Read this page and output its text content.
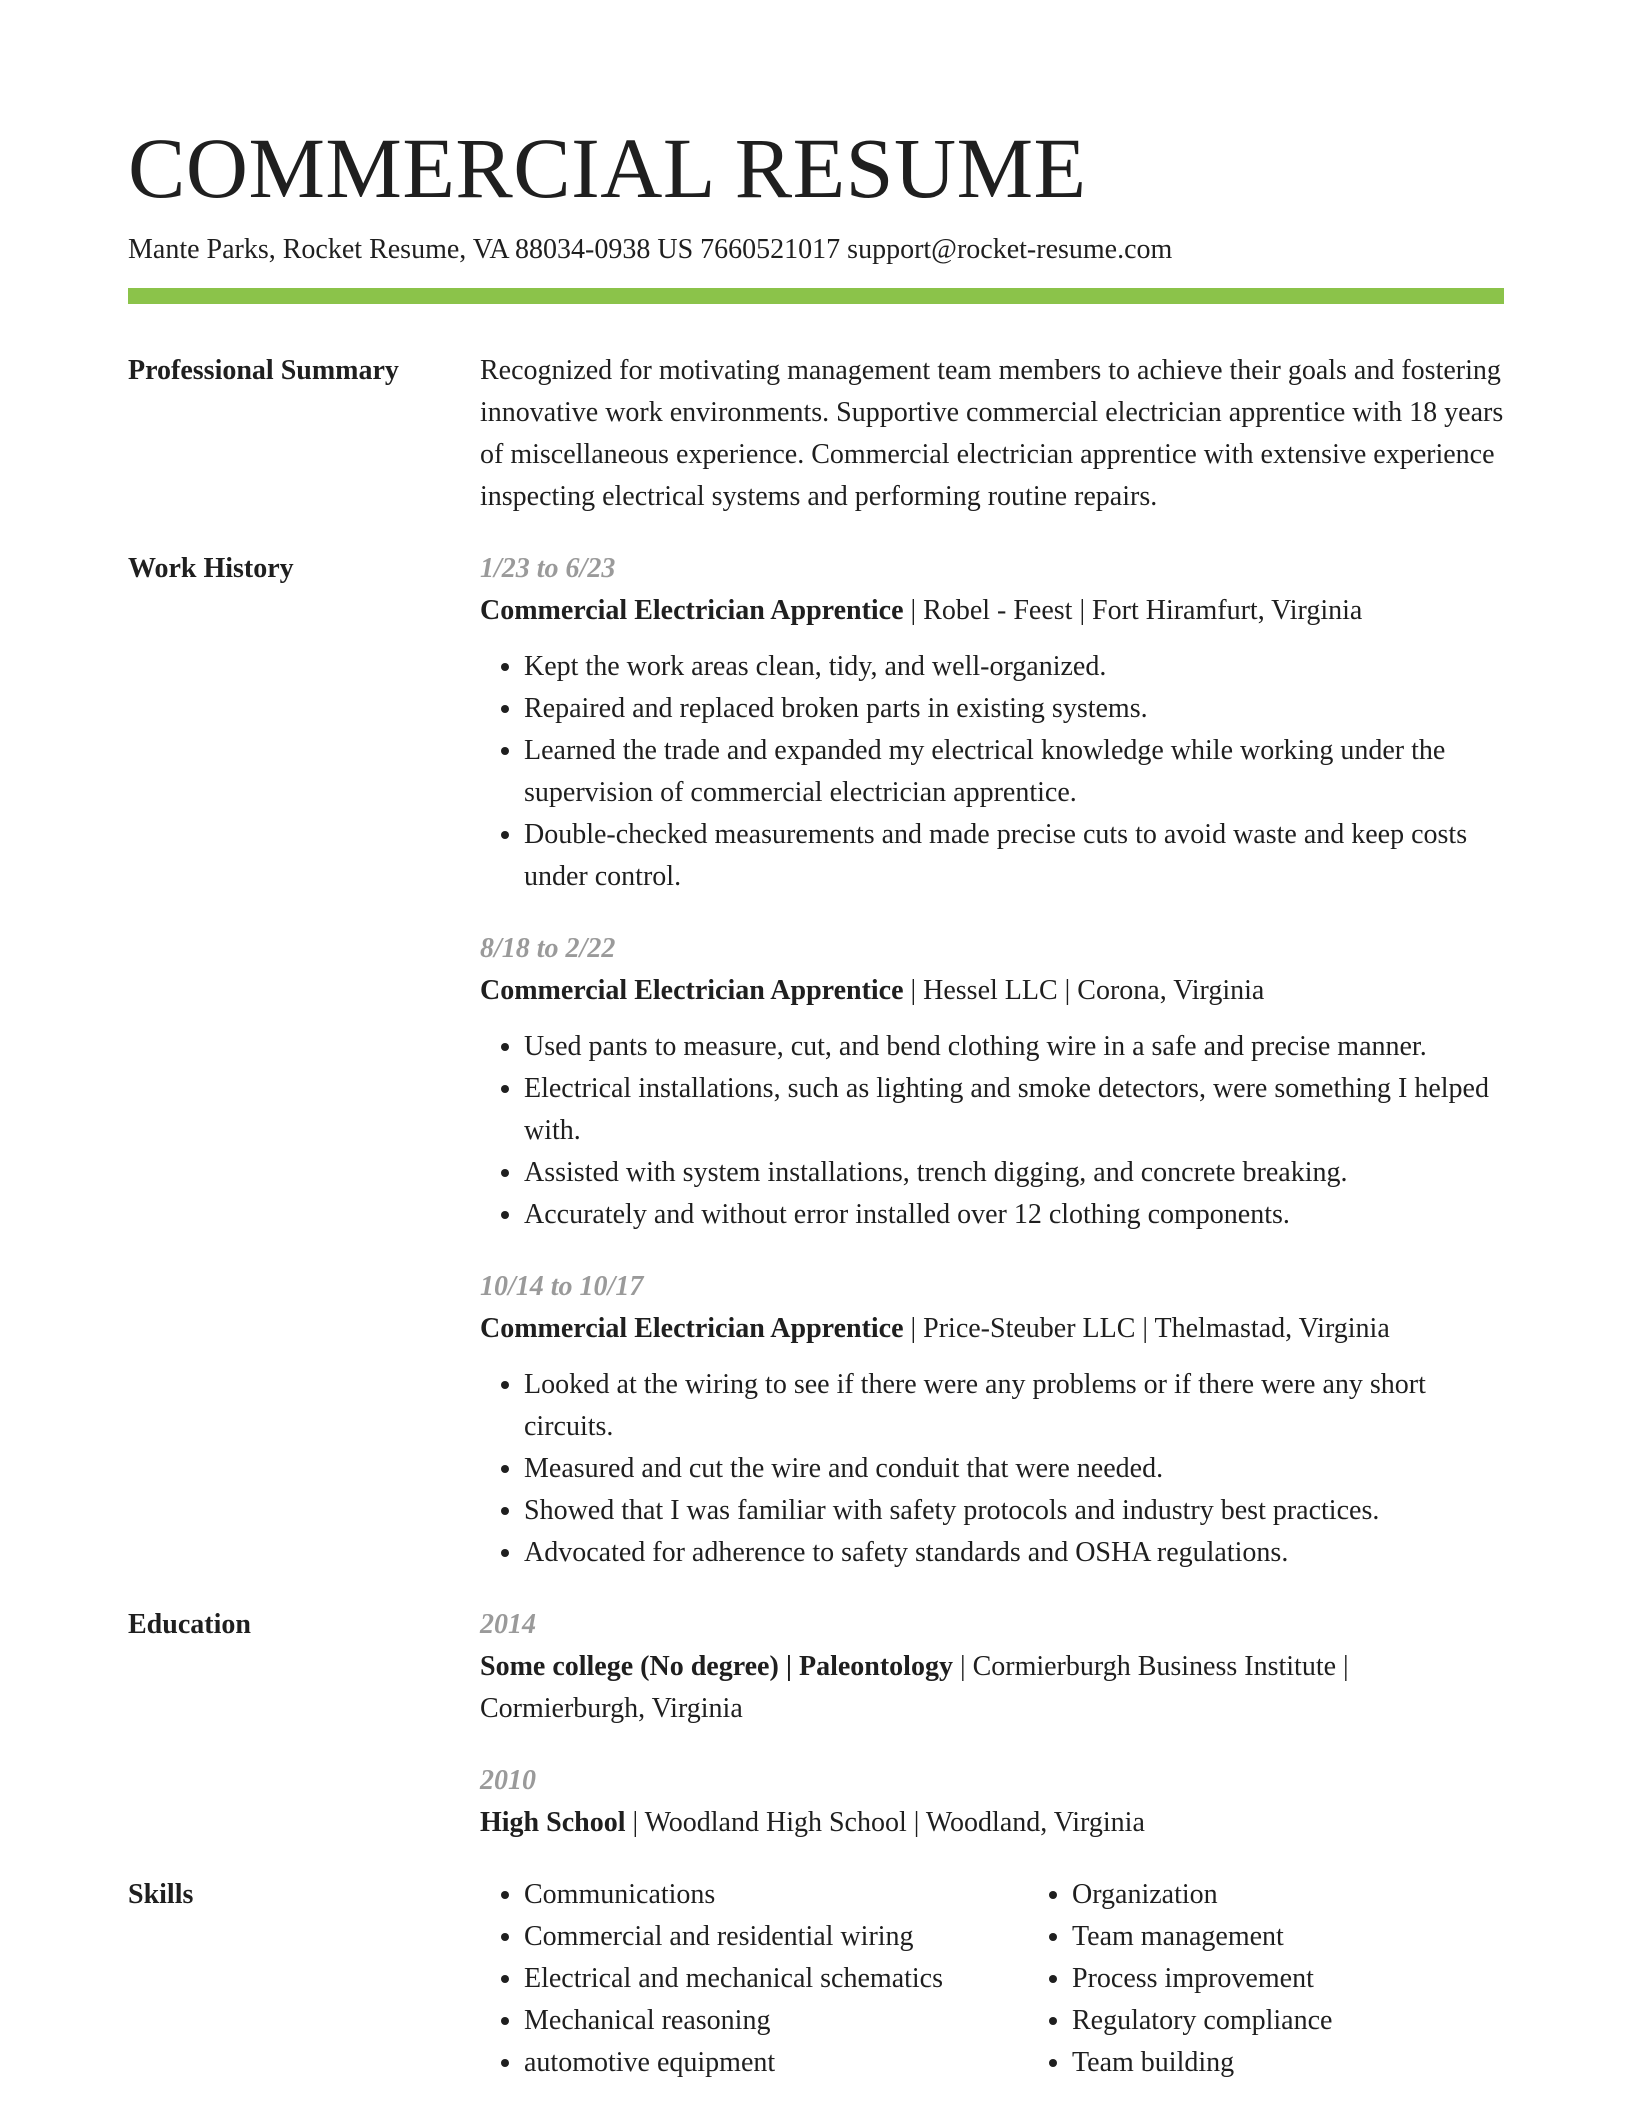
COMMERCIAL RESUME
Mante Parks, Rocket Resume, VA 88034-0938 US 7660521017 support@rocket-resume.com
Professional Summary	Recognized for motivating management team members to achieve their goals and fostering innovative work environments. Supportive commercial electrician apprentice with 18 years of miscellaneous experience. Commercial electrician apprentice with extensive experience inspecting electrical systems and performing routine repairs.

Work History	1/23 to 6/23

Commercial Electrician Apprentice | Robel - Feest | Fort Hiramfurt, Virginia

• Kept the work areas clean, tidy, and well-organized.
• Repaired and replaced broken parts in existing systems.
• Learned the trade and expanded my electrical knowledge while working under the supervision of commercial electrician apprentice.
• Double-checked measurements and made precise cuts to avoid waste and keep costs under control.
8/18 to 2/22

Commercial Electrician Apprentice | Hessel LLC | Corona, Virginia

• Used pants to measure, cut, and bend clothing wire in a safe and precise manner.
• Electrical installations, such as lighting and smoke detectors, were something I helped with.
• Assisted with system installations, trench digging, and concrete breaking.
• Accurately and without error installed over 12 clothing components.
10/14 to 10/17

Commercial Electrician Apprentice | Price-Steuber LLC | Thelmastad, Virginia

• Looked at the wiring to see if there were any problems or if there were any short circuits.
• Measured and cut the wire and conduit that were needed.
• Showed that I was familiar with safety protocols and industry best practices.
• Advocated for adherence to safety standards and OSHA regulations.
Education	2014

Some college (No degree) | Paleontology | Cormierburgh Business Institute | Cormierburgh, Virginia

2010

High School | Woodland High School | Woodland, Virginia

Skills
•	Communications
• Commercial and residential wiring
• Electrical and mechanical schematics
• Mechanical reasoning
• automotive equipment
• Organization
• Team management
• Process improvement
• Regulatory compliance
• Team building
